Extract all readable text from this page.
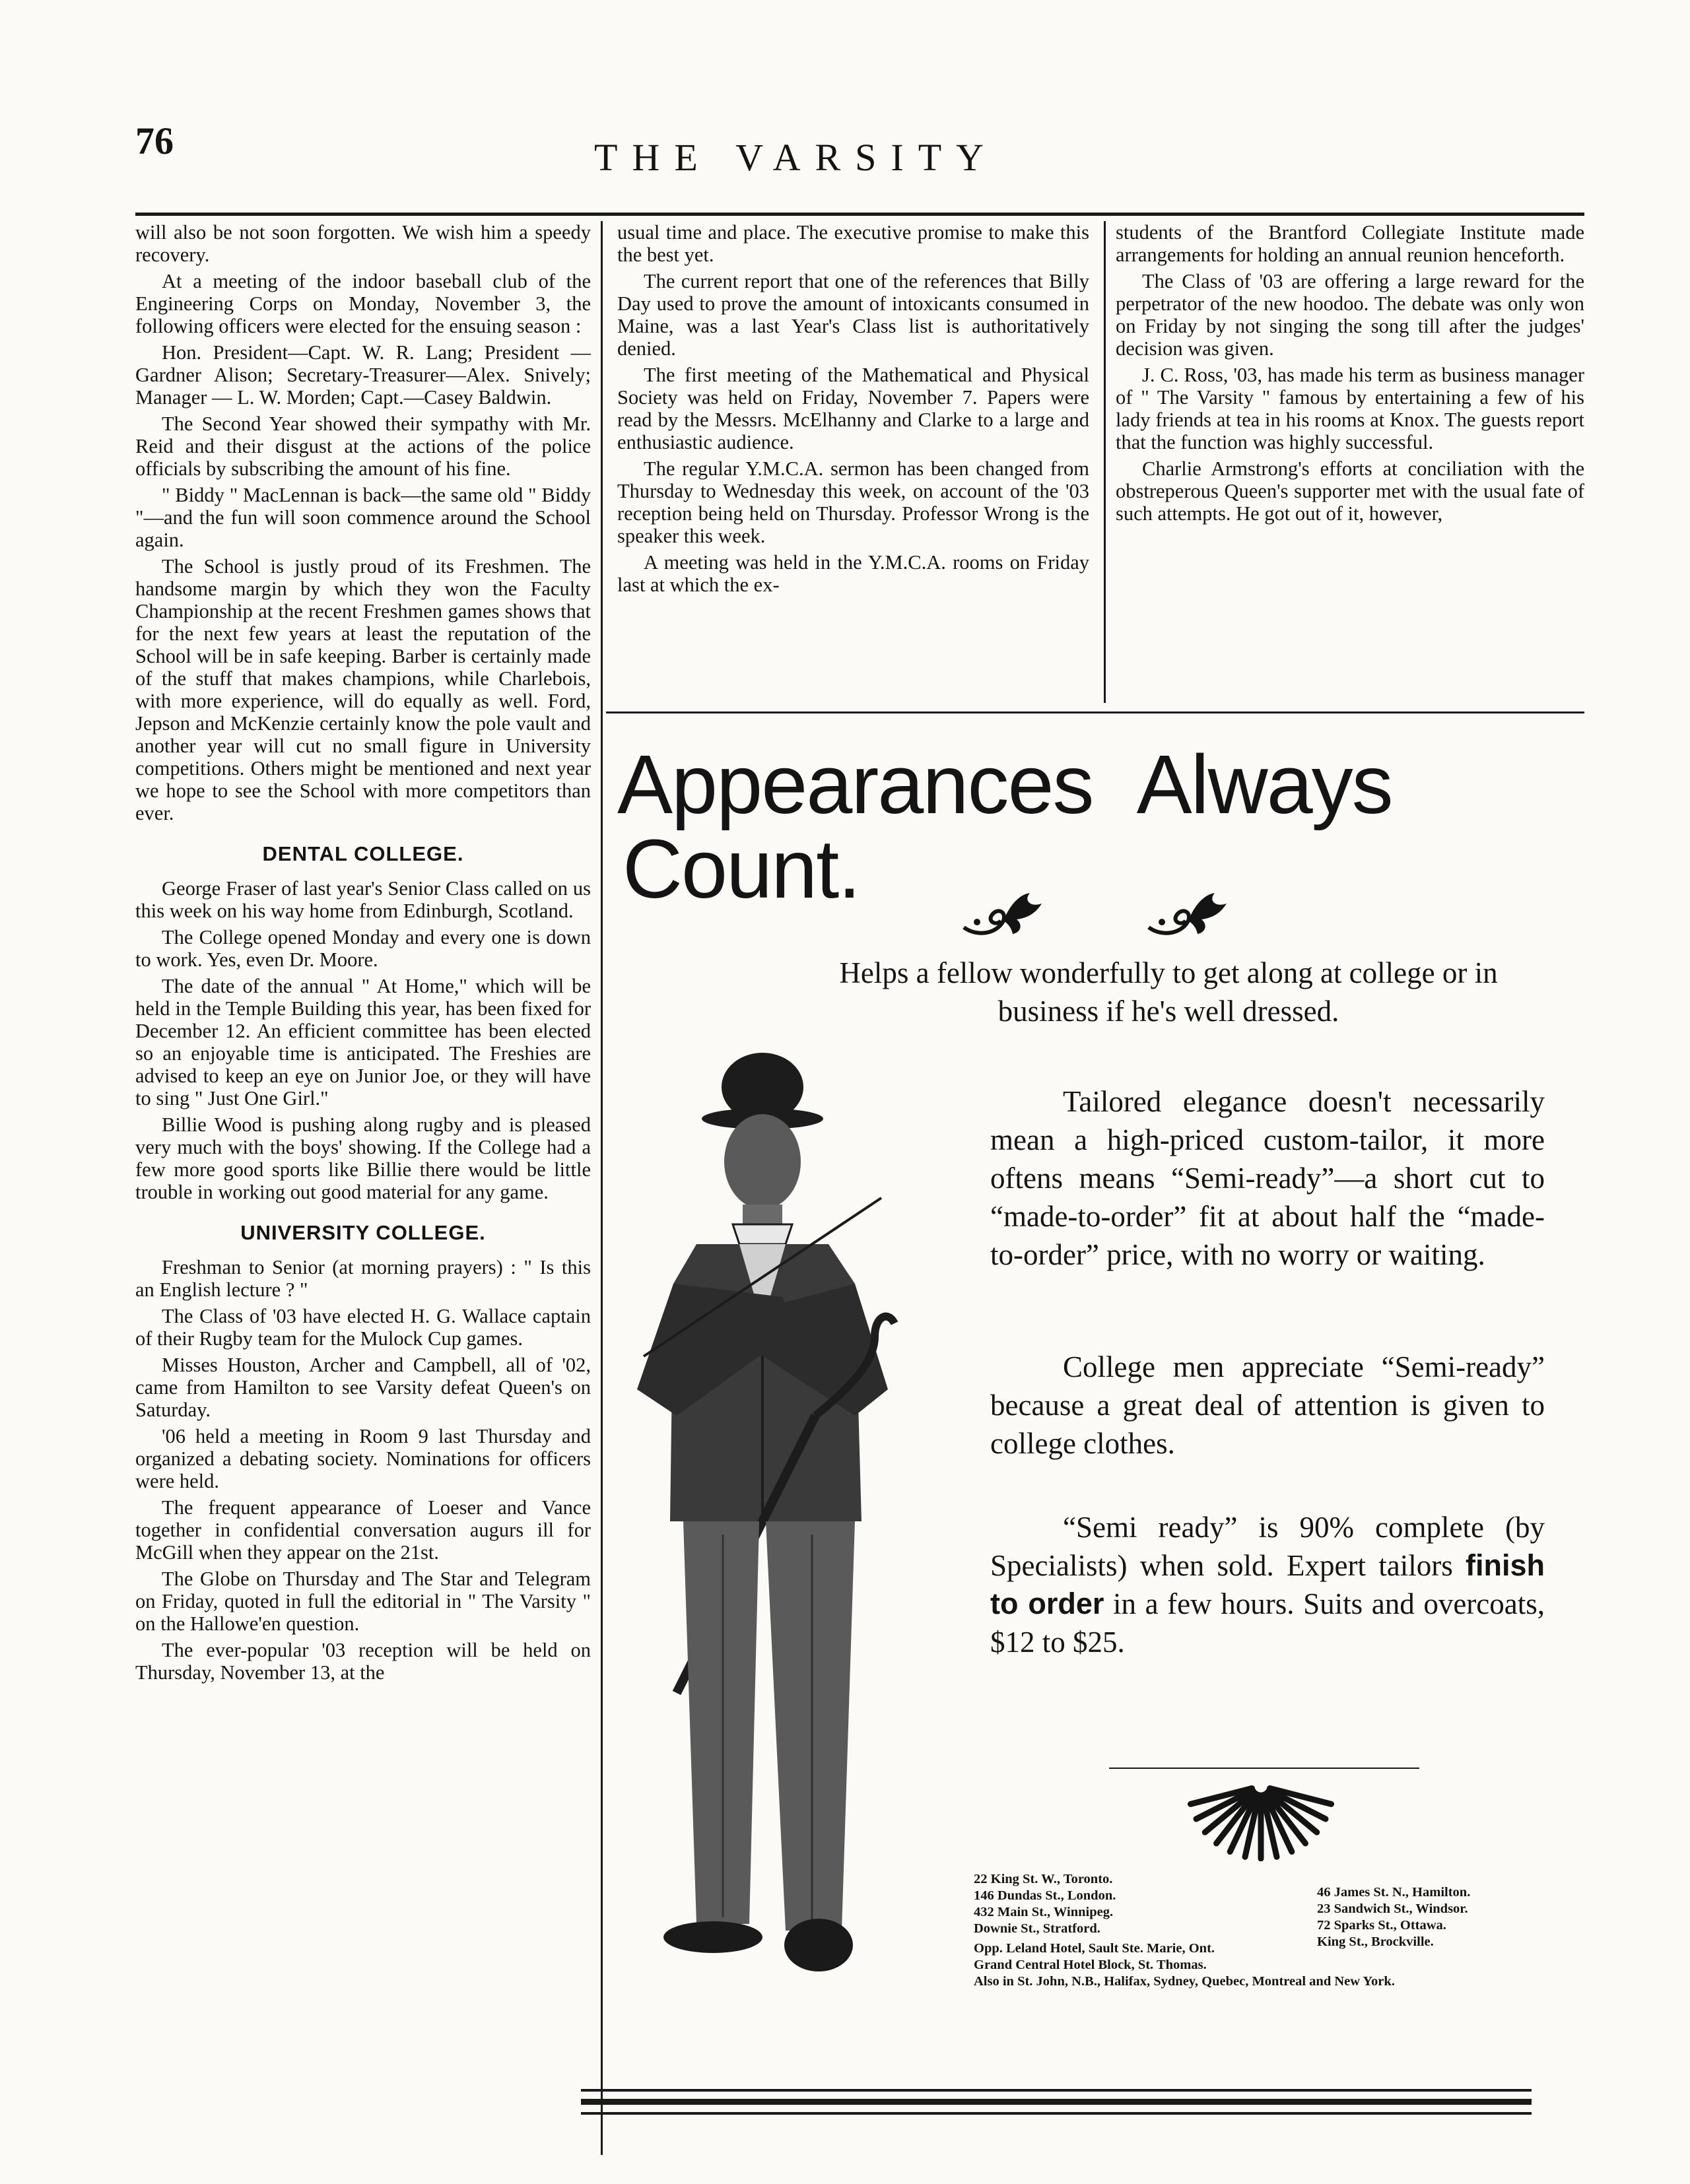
76	THE VARSITY

will also be not soon forgotten. We wish him a speedy recovery.

At a meeting of the indoor baseball club of the Engineering Corps on Monday, November 3, the following officers were elected for the ensuing season :

Hon. President—Capt. W. R. Lang; President — Gardner Alison; Secretary-Treasurer—Alex. Snively; Manager — L. W. Morden; Capt.—Casey Baldwin.

The Second Year showed their sympathy with Mr. Reid and their disgust at the actions of the police officials by subscribing the amount of his fine.

" Biddy " MacLennan is back—the same old " Biddy "—and the fun will soon commence around the School again.

The School is justly proud of its Freshmen. The handsome margin by which they won the Faculty Championship at the recent Freshmen games shows that for the next few years at least the reputation of the School will be in safe keeping. Barber is certainly made of the stuff that makes champions, while Charlebois, with more experience, will do equally as well. Ford, Jepson and McKenzie certainly know the pole vault and another year will cut no small figure in University competitions. Others might be mentioned and next year we hope to see the School with more competitors than ever.

DENTAL COLLEGE.

George Fraser of last year's Senior Class called on us this week on his way home from Edinburgh, Scotland.

The College opened Monday and every one is down to work. Yes, even Dr. Moore.

The date of the annual " At Home," which will be held in the Temple Building this year, has been fixed for December 12. An efficient committee has been elected so an enjoyable time is anticipated. The Freshies are advised to keep an eye on Junior Joe, or they will have to sing " Just One Girl."

Billie Wood is pushing along rugby and is pleased very much with the boys' showing. If the College had a few more good sports like Billie there would be little trouble in working out good material for any game.

UNIVERSITY COLLEGE.

Freshman to Senior (at morning prayers) : " Is this an English lecture ? "

The Class of '03 have elected H. G. Wallace captain of their Rugby team for the Mulock Cup games.

Misses Houston, Archer and Campbell, all of '02, came from Hamilton to see Varsity defeat Queen's on Saturday.

'06 held a meeting in Room 9 last Thursday and organized a debating society. Nominations for officers were held.

The frequent appearance of Loeser and Vance together in confidential conversation augurs ill for McGill when they appear on the 21st.

The Globe on Thursday and The Star and Telegram on Friday, quoted in full the editorial in " The Varsity " on the Hallowe'en question.

The ever-popular '03 reception will be held on Thursday, November 13, at the

usual time and place. The executive promise to make this the best yet.

The current report that one of the references that Billy Day used to prove the amount of intoxicants consumed in Maine, was a last Year's Class list is authoritatively denied.

The first meeting of the Mathematical and Physical Society was held on Friday, November 7. Papers were read by the Messrs. McElhanny and Clarke to a large and enthusiastic audience.

The regular Y.M.C.A. sermon has been changed from Thursday to Wednesday this week, on account of the '03 reception being held on Thursday. Professor Wrong is the speaker this week.

A meeting was held in the Y.M.C.A. rooms on Friday last at which the ex-

students of the Brantford Collegiate Institute made arrangements for holding an annual reunion henceforth.

The Class of '03 are offering a large reward for the perpetrator of the new hoodoo. The debate was only won on Friday by not singing the song till after the judges' decision was given.

J. C. Ross, '03, has made his term as business manager of " The Varsity " famous by entertaining a few of his lady friends at tea in his rooms at Knox. The guests report that the function was highly successful.

Charlie Armstrong's efforts at conciliation with the obstreperous Queen's supporter met with the usual fate of such attempts. He got out of it, however,

Appearances Always
Count.
Helps a fellow wonderfully to get along at college or in business if he's well dressed.

Tailored elegance doesn't necessarily mean a high-priced custom-tailor, it more oftens means “Semi-ready”—a short cut to “made-to-order” fit at about half the “made-to-order” price, with no worry or waiting.

College men appreciate “Semi-ready” because a great deal of attention is given to college clothes.

“Semi ready” is 90% complete (by Specialists) when sold. Expert tailors finish to order in a few hours. Suits and overcoats, $12 to $25.

22 King St. W., Toronto.
146 Dundas St., London.
432 Main St., Winnipeg.
Downie St., Stratford.
46 James St. N., Hamilton.
23 Sandwich St., Windsor.
72 Sparks St., Ottawa.
King St., Brockville.
Opp. Leland Hotel, Sault Ste. Marie, Ont.
Grand Central Hotel Block, St. Thomas.
Also in St. John, N.B., Halifax, Sydney, Quebec, Montreal and New York.
